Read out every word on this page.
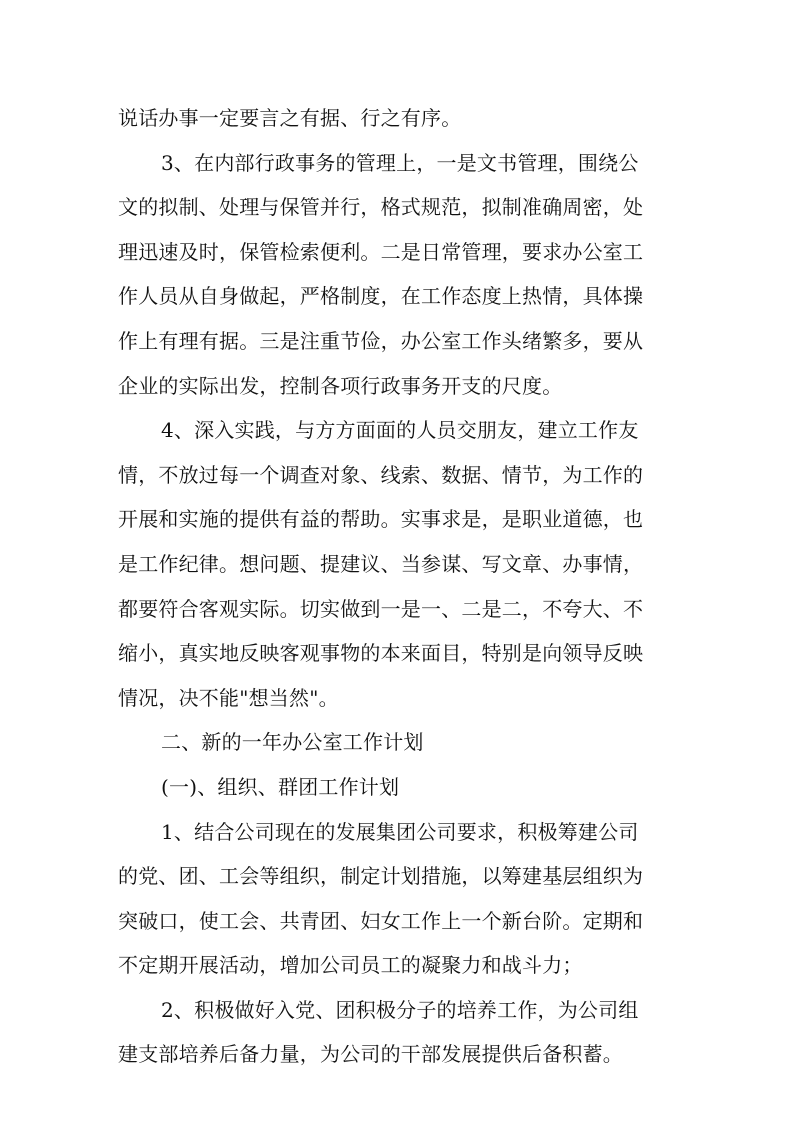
说话办事一定要言之有据、行之有序。
3、在内部行政事务的管理上，一是文书管理，围绕公
文的拟制、处理与保管并行，格式规范，拟制准确周密，处
理迅速及时，保管检索便利。二是日常管理，要求办公室工
作人员从自身做起，严格制度，在工作态度上热情，具体操
作上有理有据。三是注重节俭，办公室工作头绪繁多，要从
企业的实际出发，控制各项行政事务开支的尺度。
4、深入实践，与方方面面的人员交朋友，建立工作友
情，不放过每一个调查对象、线索、数据、情节，为工作的
开展和实施的提供有益的帮助。实事求是，是职业道德，也
是工作纪律。想问题、提建议、当参谋、写文章、办事情，
都要符合客观实际。切实做到一是一、二是二，不夸大、不
缩小，真实地反映客观事物的本来面目，特别是向领导反映
情况，决不能"想当然"。
二、新的一年办公室工作计划
(一)、组织、群团工作计划
1、结合公司现在的发展集团公司要求，积极筹建公司
的党、团、工会等组织，制定计划措施，以筹建基层组织为
突破口，使工会、共青团、妇女工作上一个新台阶。定期和
不定期开展活动，增加公司员工的凝聚力和战斗力；
2、积极做好入党、团积极分子的培养工作，为公司组
建支部培养后备力量，为公司的干部发展提供后备积蓄。
